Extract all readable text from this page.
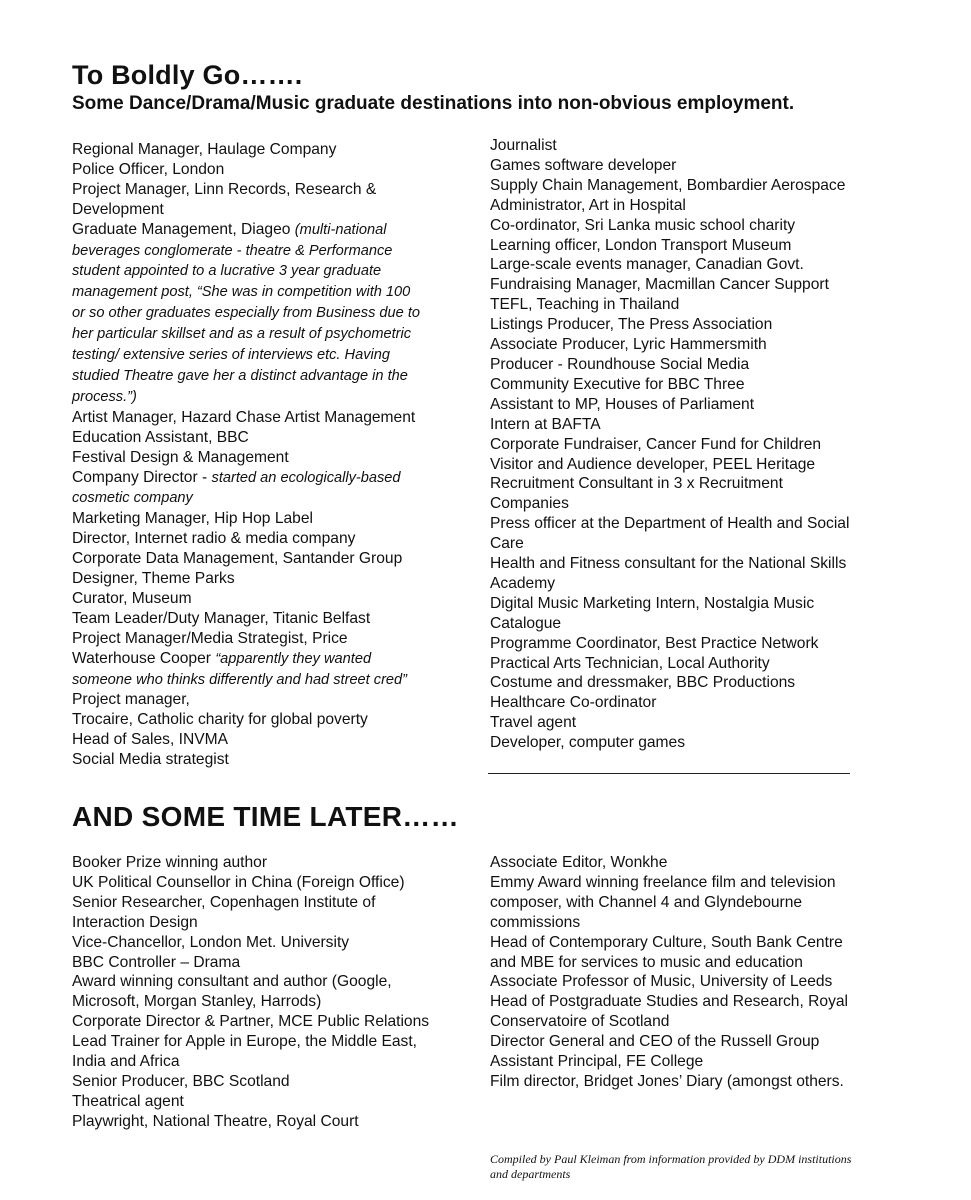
To Boldly Go…….
Some Dance/Drama/Music graduate destinations into non-obvious employment.
Regional Manager, Haulage Company
Police Officer, London
Project Manager, Linn Records, Research &
Development
Graduate Management, Diageo (multi-national beverages conglomerate - theatre & Performance student appointed to a lucrative 3 year graduate management post, “She was in competition with 100 or so other graduates especially from Business due to her particular skillset and as a result of psychometric testing/ extensive series of interviews etc. Having studied Theatre gave her a distinct advantage in the process.”)
Artist Manager, Hazard Chase Artist Management
Education Assistant, BBC
Festival Design & Management
Company Director - started an ecologically-based cosmetic company
Marketing Manager, Hip Hop Label
Director, Internet radio & media company
Corporate Data Management, Santander Group
Designer, Theme Parks
Curator, Museum
Team Leader/Duty Manager, Titanic Belfast
Project Manager/Media Strategist, Price
Waterhouse Cooper “apparently they wanted someone who thinks differently and had street cred”
Project manager,
Trocaire, Catholic charity for global poverty
Head of Sales, INVMA
Social Media strategist
Journalist
Games software developer
Supply Chain Management, Bombardier Aerospace
Administrator, Art in Hospital
Co-ordinator, Sri Lanka music school charity
Learning officer, London Transport Museum
Large-scale events manager, Canadian Govt.
Fundraising Manager, Macmillan Cancer Support
TEFL, Teaching in Thailand
Listings Producer, The Press Association
Associate Producer, Lyric Hammersmith
Producer - Roundhouse Social Media
Community Executive for BBC Three
Assistant to MP, Houses of Parliament
Intern at BAFTA
Corporate Fundraiser, Cancer Fund for Children
Visitor and Audience developer, PEEL Heritage
Recruitment Consultant in 3 x Recruitment Companies
Press officer at the Department of Health and Social Care
Health and Fitness consultant for the National Skills Academy
Digital Music Marketing Intern, Nostalgia Music Catalogue
Programme Coordinator, Best Practice Network
Practical Arts Technician, Local Authority
Costume and dressmaker, BBC Productions
Healthcare Co-ordinator
Travel agent
Developer, computer games
AND SOME TIME LATER……
Booker Prize winning author
UK Political Counsellor in China (Foreign Office)
Senior Researcher, Copenhagen Institute of Interaction Design
Vice-Chancellor, London Met. University
BBC Controller – Drama
Award winning consultant and author (Google, Microsoft, Morgan Stanley, Harrods)
Corporate Director & Partner, MCE Public Relations
Lead Trainer for Apple in Europe, the Middle East, India and Africa
Senior Producer, BBC Scotland
Theatrical agent
Playwright, National Theatre, Royal Court
Associate Editor, Wonkhe
Emmy Award winning freelance film and television composer, with Channel 4 and Glyndebourne commissions
Head of Contemporary Culture, South Bank Centre and MBE for services to music and education
Associate Professor of Music, University of Leeds
Head of Postgraduate Studies and Research, Royal Conservatoire of Scotland
Director General and CEO of the Russell Group
Assistant Principal, FE College
Film director, Bridget Jones’ Diary (amongst others.
Compiled by Paul Kleiman from information provided by DDM institutions and departments
